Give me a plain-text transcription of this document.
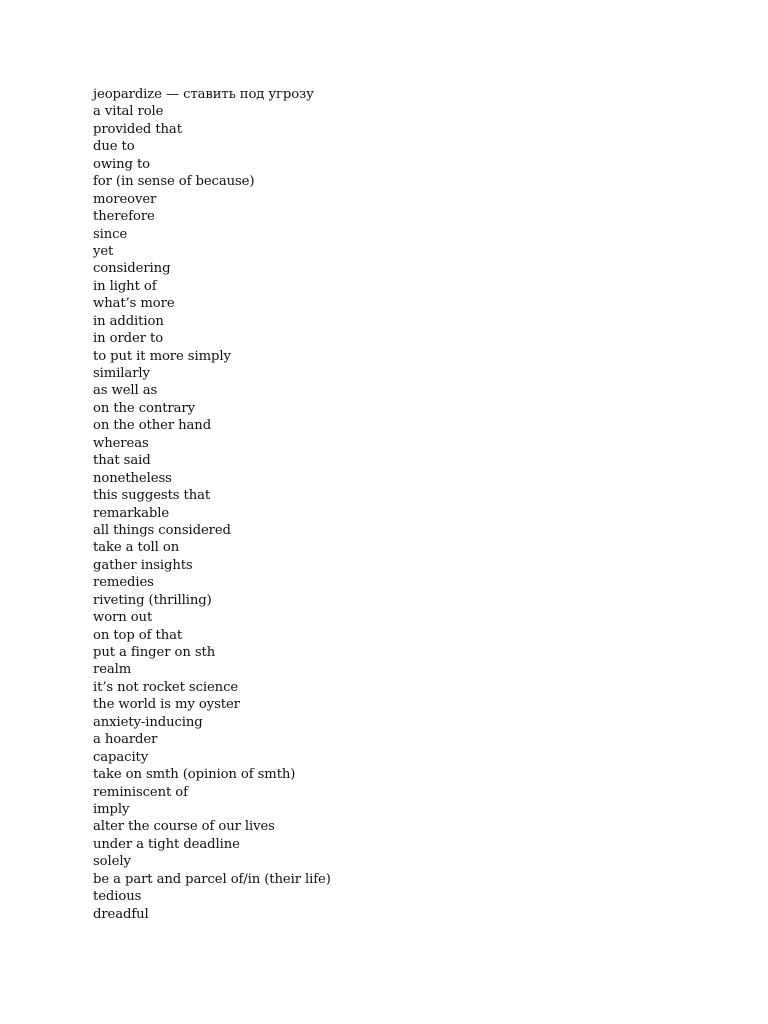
jeopardize — ставить под угрозу
a vital role
provided that
due to
owing to
for (in sense of because)
moreover
therefore
since
yet
considering
in light of
what’s more
in addition
in order to
to put it more simply
similarly
as well as
on the contrary
on the other hand
whereas
that said
nonetheless
this suggests that
remarkable
all things considered
take a toll on
gather insights
remedies
riveting (thrilling)
worn out
on top of that
put a finger on sth
realm
it’s not rocket science
the world is my oyster
anxiety-inducing
a hoarder
capacity
take on smth (opinion of smth)
reminiscent of
imply
alter the course of our lives
under a tight deadline
solely
be a part and parcel of/in (their life)
tedious
dreadful
